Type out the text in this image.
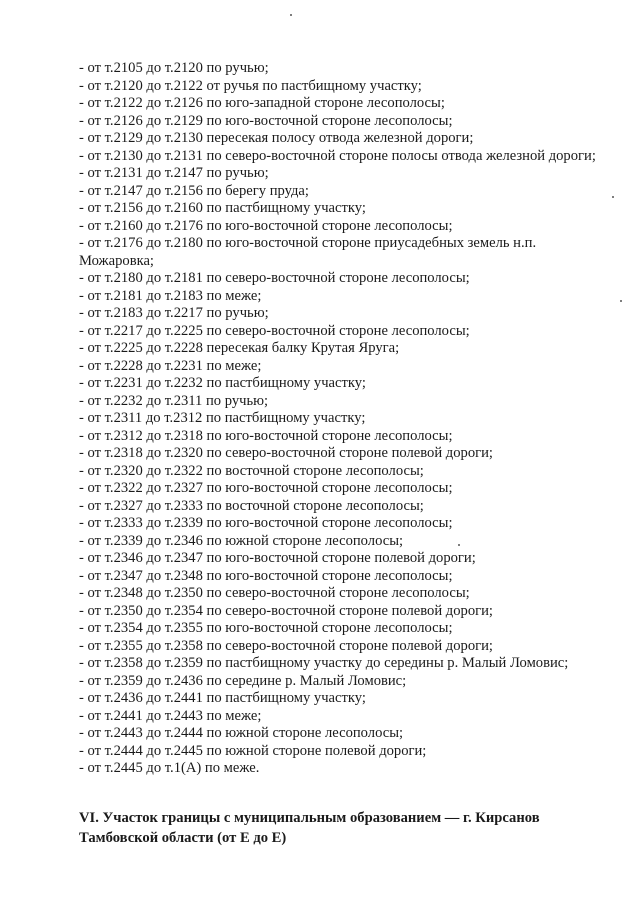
- от т.2105 до т.2120 по ручью;

- от т.2120 до т.2122 от ручья по пастбищному участку;

- от т.2122 до т.2126 по юго-западной стороне лесополосы;

- от т.2126 до т.2129 по юго-восточной стороне лесополосы;

- от т.2129 до т.2130 пересекая полосу отвода железной дороги;

- от т.2130 до т.2131 по северо-восточной стороне полосы отвода железной дороги;

- от т.2131 до т.2147 по ручью;

- от т.2147 до т.2156 по берегу пруда;

- от т.2156 до т.2160 по пастбищному участку;

- от т.2160 до т.2176 по юго-восточной стороне лесополосы;

- от т.2176 до т.2180 по юго-восточной стороне приусадебных земель н.п. Можаровка;

- от т.2180 до т.2181 по северо-восточной стороне лесополосы;

- от т.2181 до т.2183 по меже;

- от т.2183 до т.2217 по ручью;

- от т.2217 до т.2225 по северо-восточной стороне лесополосы;

- от т.2225 до т.2228 пересекая балку Крутая Яруга;

- от т.2228 до т.2231 по меже;

- от т.2231 до т.2232 по пастбищному участку;

- от т.2232 до т.2311 по ручью;

- от т.2311 до т.2312 по пастбищному участку;

- от т.2312 до т.2318 по юго-восточной стороне лесополосы;

- от т.2318 до т.2320 по северо-восточной стороне полевой дороги;

- от т.2320 до т.2322 по восточной стороне лесополосы;

- от т.2322 до т.2327 по юго-восточной стороне лесополосы;

- от т.2327 до т.2333 по восточной стороне лесополосы;

- от т.2333 до т.2339 по юго-восточной стороне лесополосы;

- от т.2339 до т.2346 по южной стороне лесополосы;

- от т.2346 до т.2347 по юго-восточной стороне полевой дороги;

- от т.2347 до т.2348 по юго-восточной стороне лесополосы;

- от т.2348 до т.2350 по северо-восточной стороне лесополосы;

- от т.2350 до т.2354 по северо-восточной стороне полевой дороги;

- от т.2354 до т.2355 по юго-восточной стороне лесополосы;

- от т.2355 до т.2358 по северо-восточной стороне полевой дороги;

- от т.2358 до т.2359 по пастбищному участку до середины р. Малый Ломовис;

- от т.2359 до т.2436 по середине р. Малый Ломовис;

- от т.2436 до т.2441 по пастбищному участку;

- от т.2441 до т.2443 по меже;

- от т.2443 до т.2444 по южной стороне лесополосы;

- от т.2444 до т.2445 по южной стороне полевой дороги;

- от т.2445 до т.1(А) по меже.

VI. Участок границы с муниципальным образованием — г. Кирсанов

Тамбовской области (от Е до Е)
